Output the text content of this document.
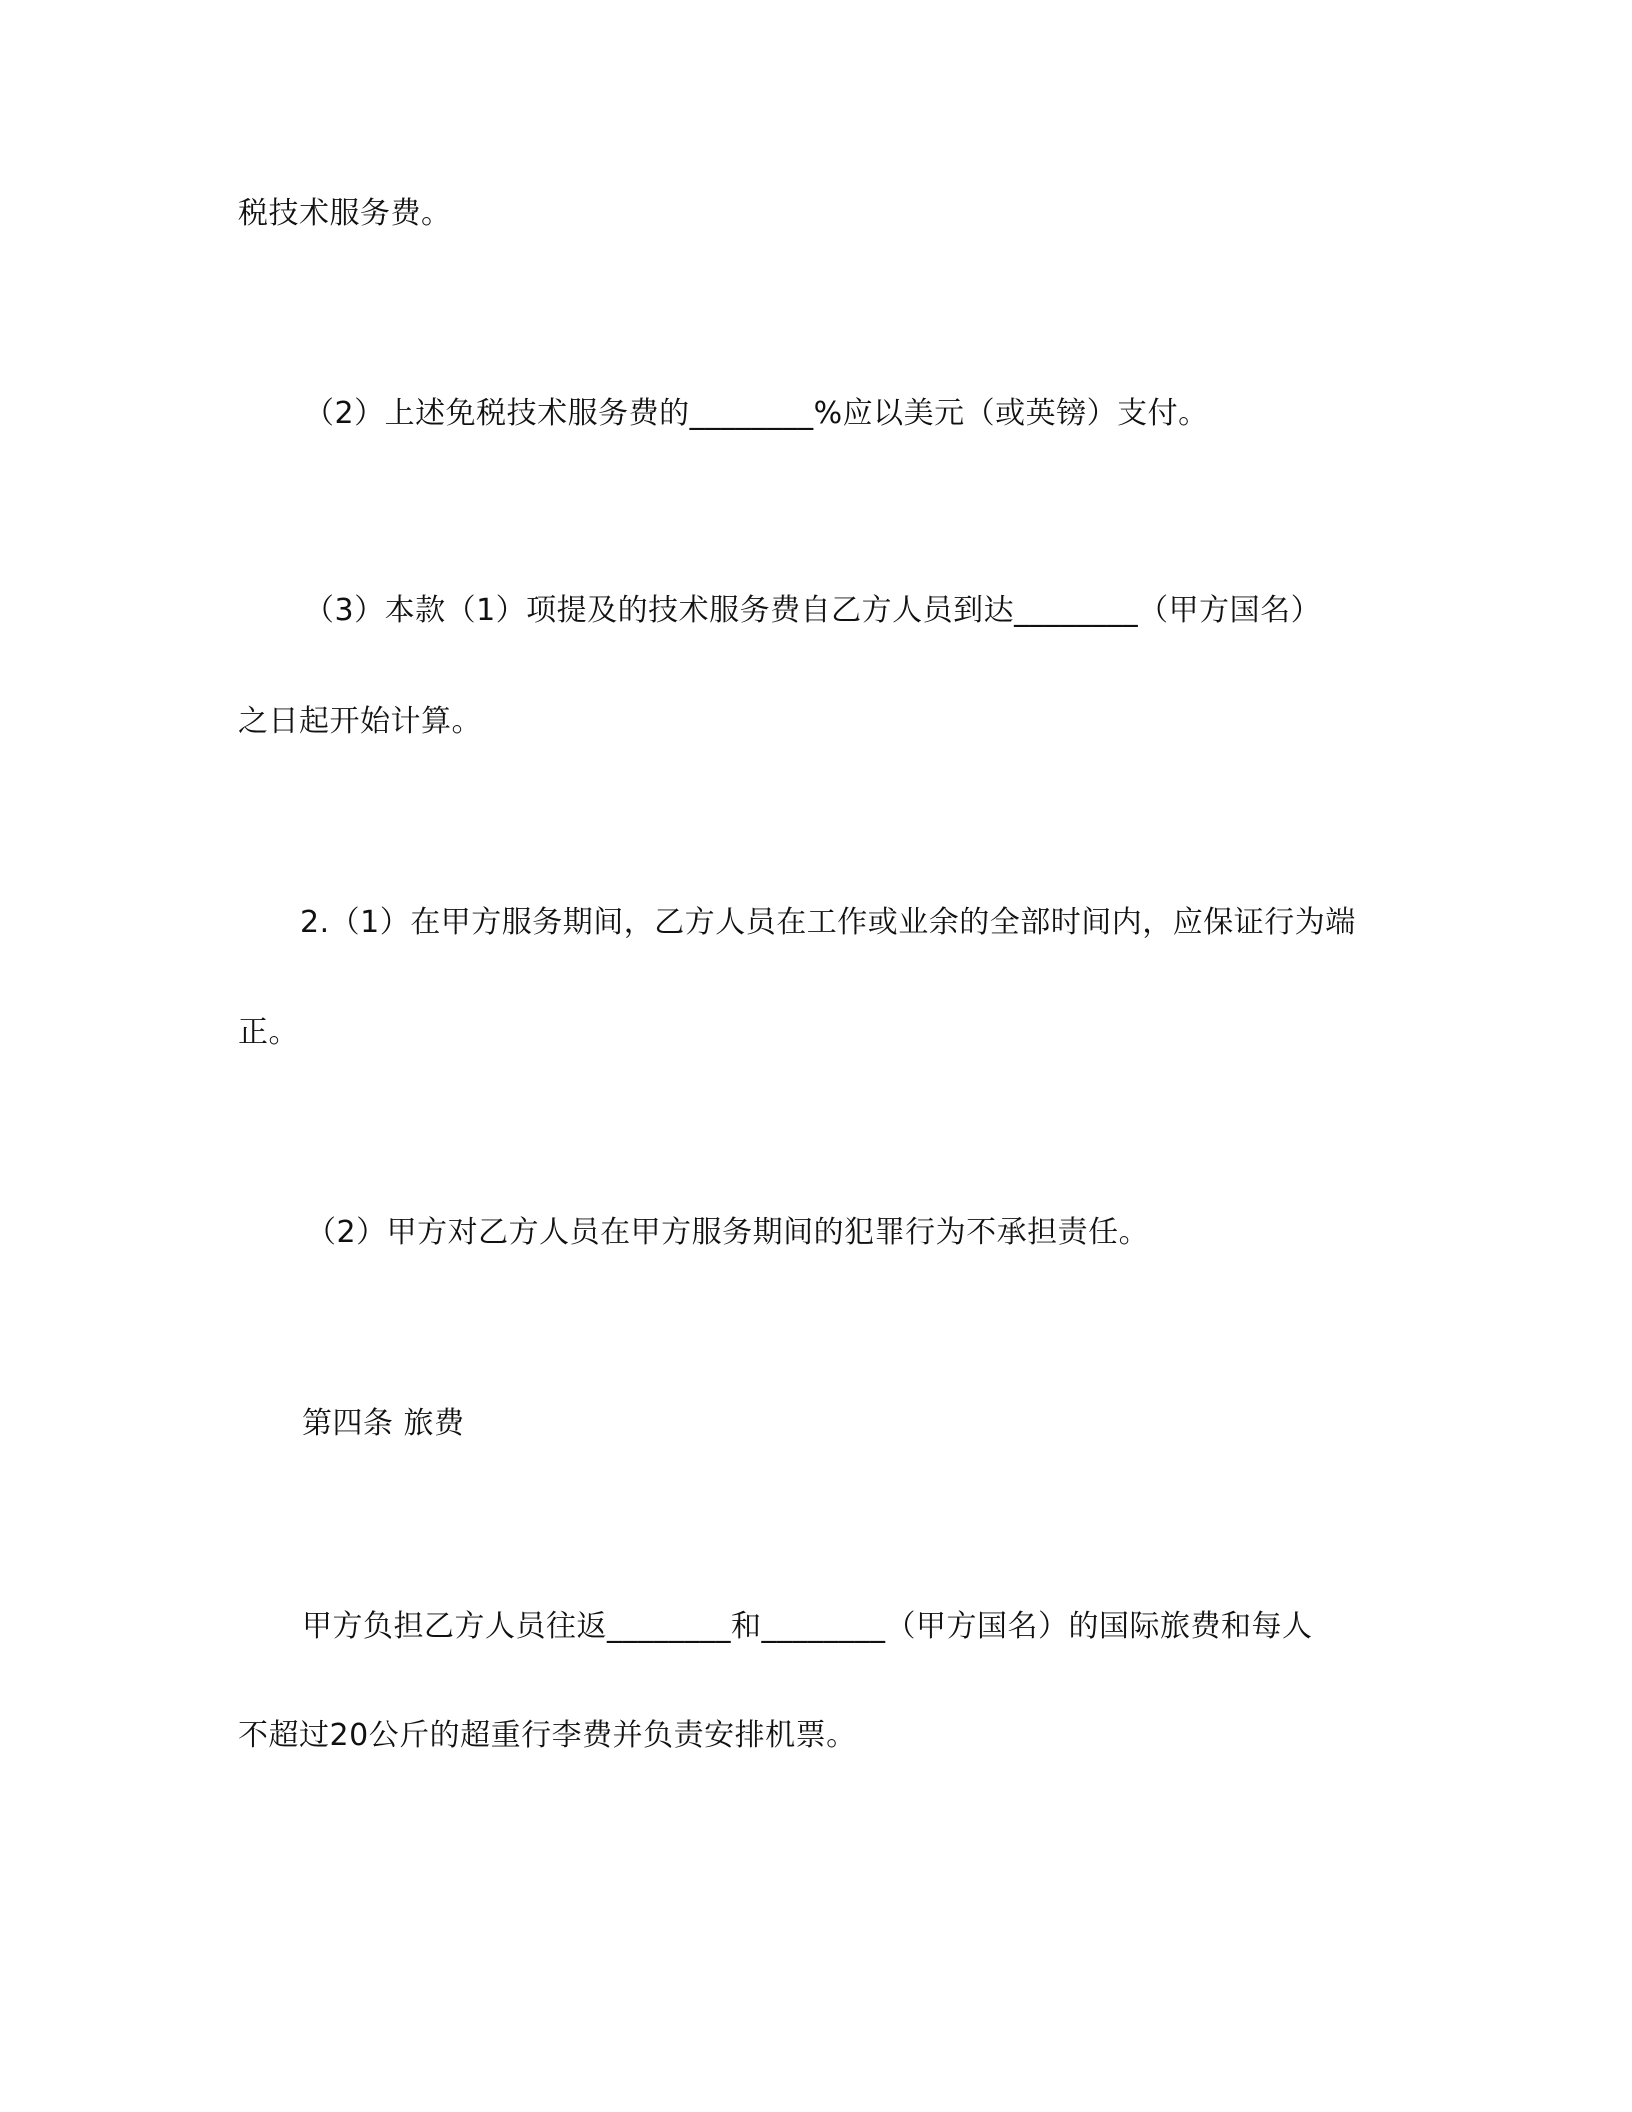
税技术服务费。
（2）上述免税技术服务费的________%应以美元（或英镑）支付。
（3）本款（1）项提及的技术服务费自乙方人员到达________（甲方国名）
之日起开始计算。
2.（1）在甲方服务期间，乙方人员在工作或业余的全部时间内，应保证行为端
正。
（2）甲方对乙方人员在甲方服务期间的犯罪行为不承担责任。
第四条 旅费
甲方负担乙方人员往返________和________（甲方国名）的国际旅费和每人
不超过20公斤的超重行李费并负责安排机票。
